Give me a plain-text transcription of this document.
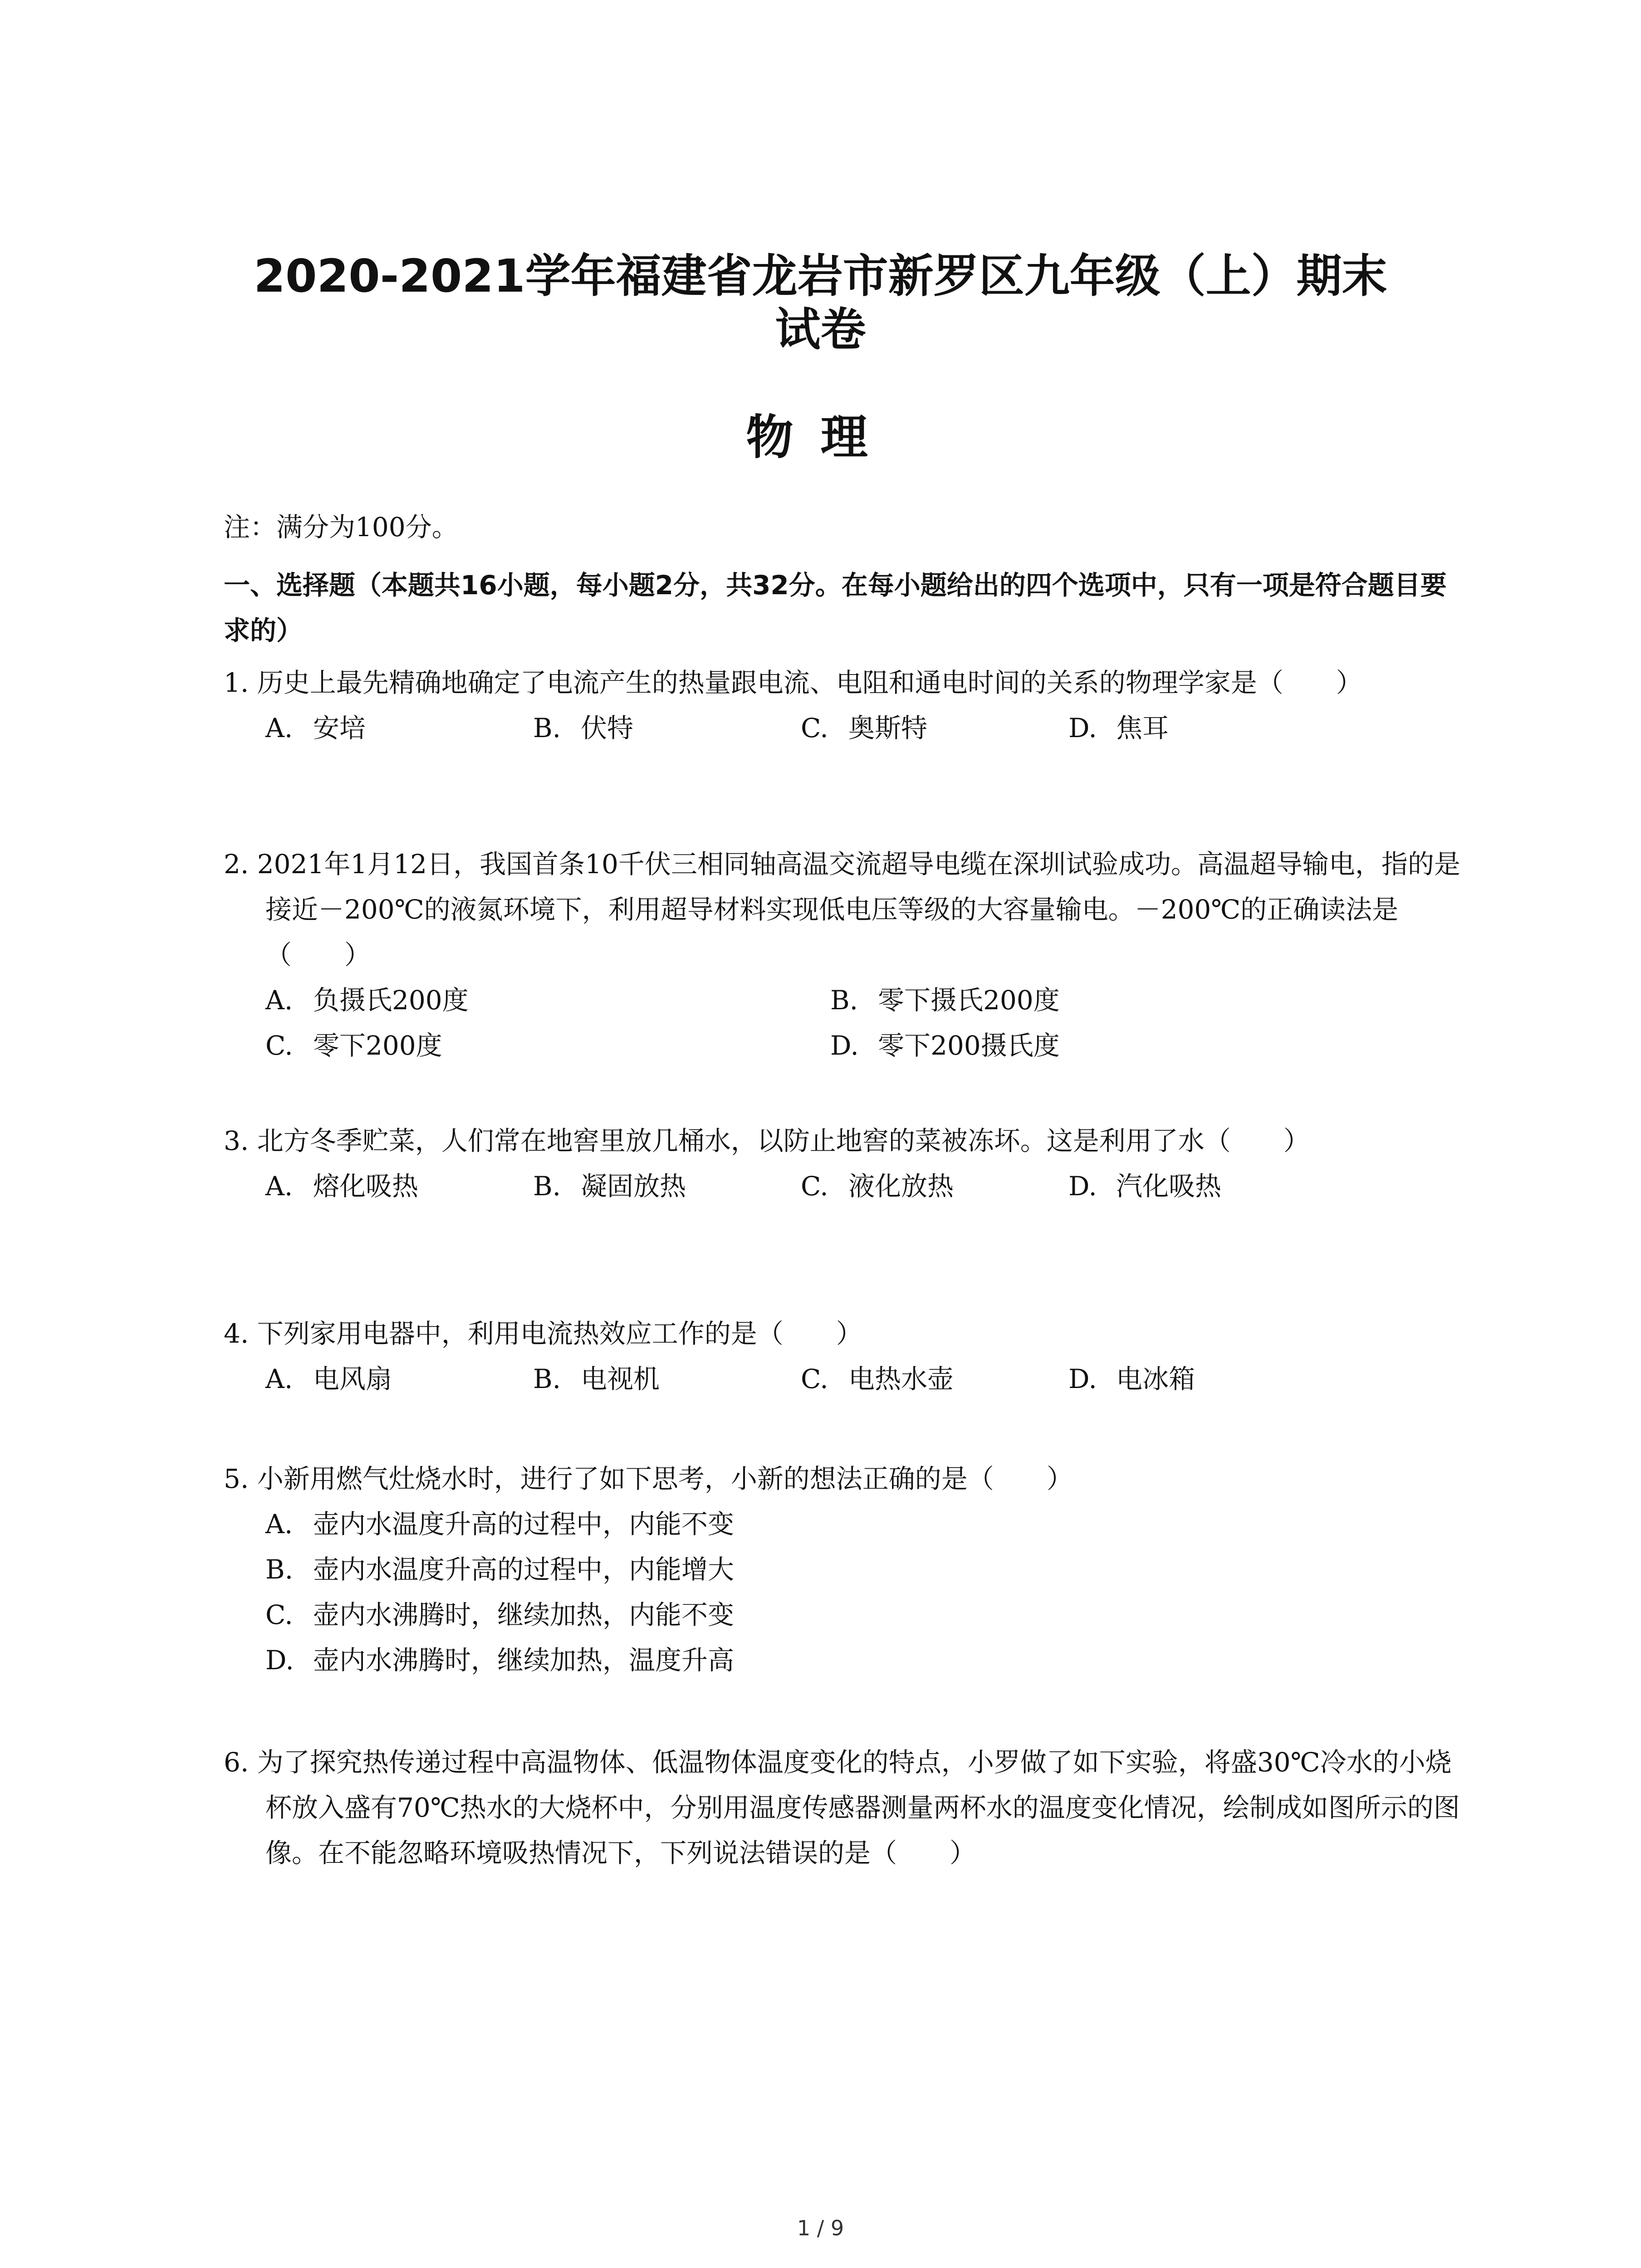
2020-2021学年福建省龙岩市新罗区九年级（上）期末
试卷
物理

注：满分为100分。

一、选择题（本题共16小题，每小题2分，共32分。在每小题给出的四个选项中，只有一项是符合题目要求的）

1. 历史上最先精确地确定了电流产生的热量跟电流、电阻和通电时间的关系的物理学家是（　　）

A. 安培	B. 伏特	C. 奥斯特	D. 焦耳

2. 2021年1月12日，我国首条10千伏三相同轴高温交流超导电缆在深圳试验成功。高温超导输电，指的是接近－200℃的液氮环境下，利用超导材料实现低电压等级的大容量输电。－200℃的正确读法是（　　）

A. 负摄氏200度	B. 零下摄氏200度
C. 零下200度	D. 零下200摄氏度

3. 北方冬季贮菜，人们常在地窖里放几桶水，以防止地窖的菜被冻坏。这是利用了水（　　）

A. 熔化吸热	B. 凝固放热	C. 液化放热	D. 汽化吸热

4. 下列家用电器中，利用电流热效应工作的是（　　）

A. 电风扇	B. 电视机	C. 电热水壶	D. 电冰箱

5. 小新用燃气灶烧水时，进行了如下思考，小新的想法正确的是（　　）

A. 壶内水温度升高的过程中，内能不变
B. 壶内水温度升高的过程中，内能增大
C. 壶内水沸腾时，继续加热，内能不变
D. 壶内水沸腾时，继续加热，温度升高

6. 为了探究热传递过程中高温物体、低温物体温度变化的特点，小罗做了如下实验，将盛30℃冷水的小烧杯放入盛有70℃热水的大烧杯中，分别用温度传感器测量两杯水的温度变化情况，绘制成如图所示的图像。在不能忽略环境吸热情况下，下列说法错误的是（　　）

1 / 9
